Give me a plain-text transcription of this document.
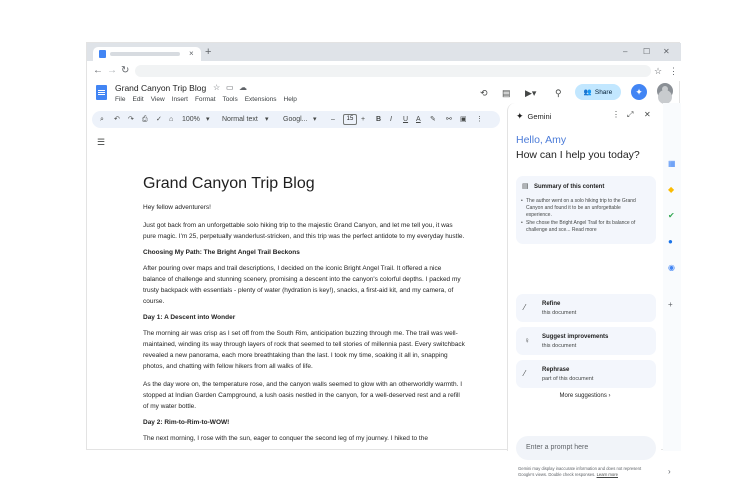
× +	– ☐ ✕
← → ↻	☆ ⋮
Grand Canyon Trip Blog ☆ ▭ ☁
File Edit View Insert Format Tools Extensions Help
⟲ ▤ ▶▾ ⚲	👥 Share	✦
⌕ ↶ ↷ ⎙ ✓ ⌂ 100% ▾ Normal text ▾ Googl... ▾ –	15	+ B I U A ✎ ⚯ ▣ ⋮
☰
Grand Canyon Trip Blog
Hey fellow adventurers!
Just got back from an unforgettable solo hiking trip to the majestic Grand Canyon, and let me tell you, it was pure magic. I'm 25, perpetually wanderlust-stricken, and this trip was the perfect antidote to my everyday hustle.
Choosing My Path: The Bright Angel Trail Beckons
After pouring over maps and trail descriptions, I decided on the iconic Bright Angel Trail. It offered a nice balance of challenge and stunning scenery, promising a descent into the canyon's colorful depths. I packed my trusty backpack with essentials - plenty of water (hydration is key!), snacks, a first-aid kit, and my camera, of course.
Day 1: A Descent into Wonder
The morning air was crisp as I set off from the South Rim, anticipation buzzing through me. The trail was well-maintained, winding its way through layers of rock that seemed to tell stories of millennia past. Every switchback revealed a new panorama, each more breathtaking than the last. I took my time, soaking it all in, snapping photos, and chatting with fellow hikers from all walks of life.
As the day wore on, the temperature rose, and the canyon walls seemed to glow with an otherworldly warmth. I stopped at Indian Garden Campground, a lush oasis nestled in the canyon, for a well-deserved rest and a refill of my water bottle.
Day 2: Rim-to-Rim-to-WOW!
The next morning, I rose with the sun, eager to conquer the second leg of my journey. I hiked to the
✦ Gemini	⋮ ⤢ ✕
Hello, Amy
How can I help you today?
▤ Summary of this content
• The author went on a solo hiking trip to the Grand Canyon and found it to be an unforgettable experience.
• She chose the Bright Angel Trail for its balance of challenge and sce... Read more
⁄	Refine
this document
♀ Suggest improvements
this document
⁄	Rephrase
part of this document
More suggestions ›
Enter a prompt here
Gemini may display inaccurate information and does not represent Google's views. Double check responses. Learn more
▦
◆
✔
●
◉
+
›
